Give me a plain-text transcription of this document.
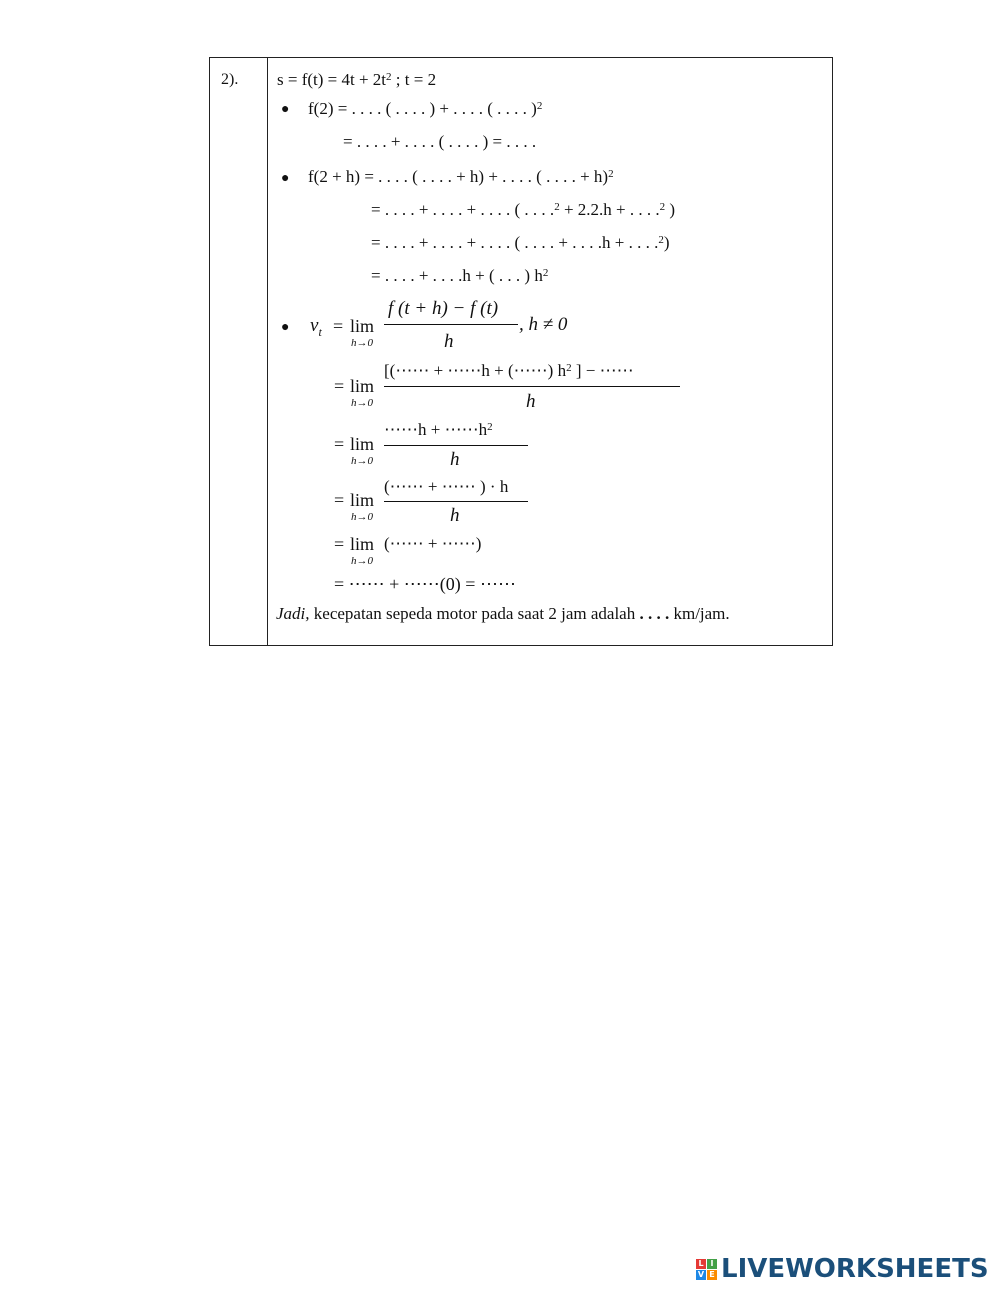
2). $s = f(t) = 4t + 2t^2$ ; t = 2
● f(2) = . . . . ( . . . . ) + . . . . ( . . . . )$^2$
= . . . . + . . . . ( . . . . ) = . . . .
● f(2 + h) = . . . . ( . . . . + h) + . . . . ( . . . . + h)$^2$
= . . . . + . . . . + . . . . ( . . . .$^2$ + 2.2.h + . . . .$^2$ )
= . . . . + . . . . + . . . . ( . . . . + . . . .h + . . . .$^2$)
= . . . . + . . . .h + ( . . . ) $h^2$
● $v_t = \lim$
h→0
f (t + h) − f (t)
h
, h ≠ 0
= lim
h→0
[(⋯⋯ + ⋯⋯h + (⋯⋯) $h^2$ ] − ⋯⋯
h
= lim
h→0
⋯⋯h + $\cdots\cdots h^2$
h
= lim
h→0
(⋯⋯ + ⋯⋯ ) · h
h
= lim
h→0
(⋯⋯ + ⋯⋯)
= ⋯⋯ + ⋯⋯(0) = ⋯⋯
Jadi, kecepatan sepeda motor pada saat 2 jam adalah . . . . km/jam.
L I
V E LIVEWORKSHEETS
